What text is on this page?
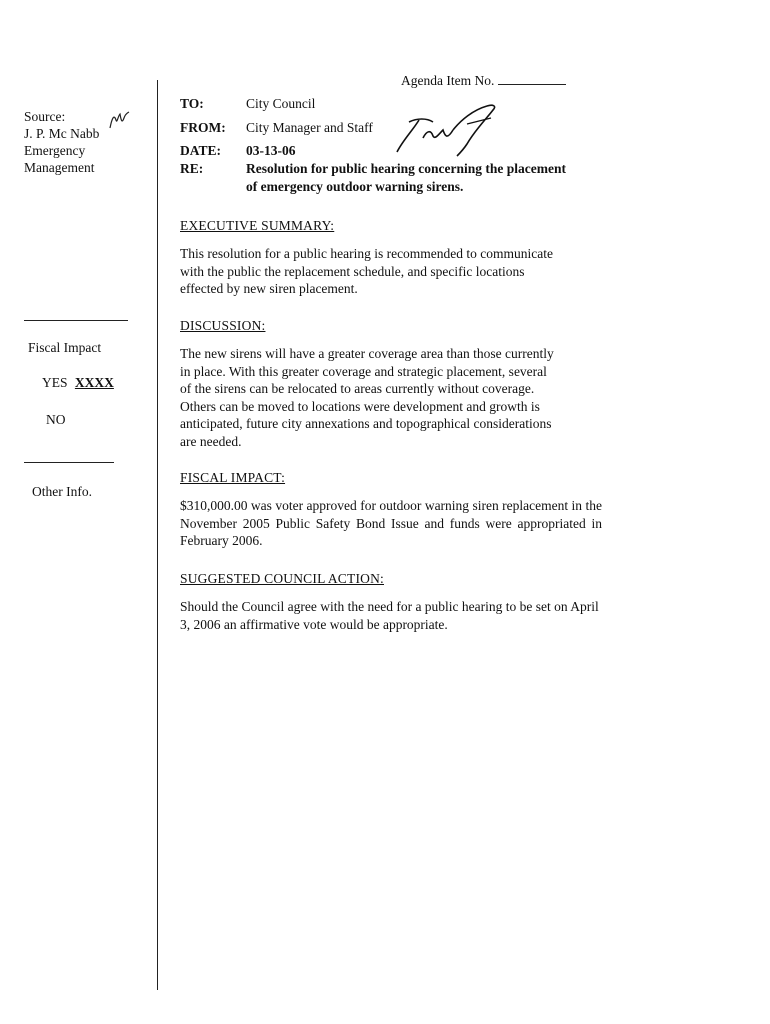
Agenda Item No.
Source:
J. P. Mc Nabb
Emergency
Management
Fiscal Impact
YES XXXX
NO
Other Info.
TO:	City Council
FROM: City Manager and Staff
DATE: 03-13-06
RE:	Resolution for public hearing concerning the placement
of emergency outdoor warning sirens.
EXECUTIVE SUMMARY:
This resolution for a public hearing is recommended to communicate
with the public the replacement schedule, and specific locations
effected by new siren placement.
DISCUSSION:
The new sirens will have a greater coverage area than those currently
in place. With this greater coverage and strategic placement, several
of the sirens can be relocated to areas currently without coverage.
Others can be moved to locations were development and growth is
anticipated, future city annexations and topographical considerations
are needed.
FISCAL IMPACT:
$310,000.00 was voter approved for outdoor warning siren replacement in the November 2005 Public Safety Bond Issue and funds were appropriated in February 2006.
SUGGESTED COUNCIL ACTION:
Should the Council agree with the need for a public hearing to be set on April 3, 2006 an affirmative vote would be appropriate.
